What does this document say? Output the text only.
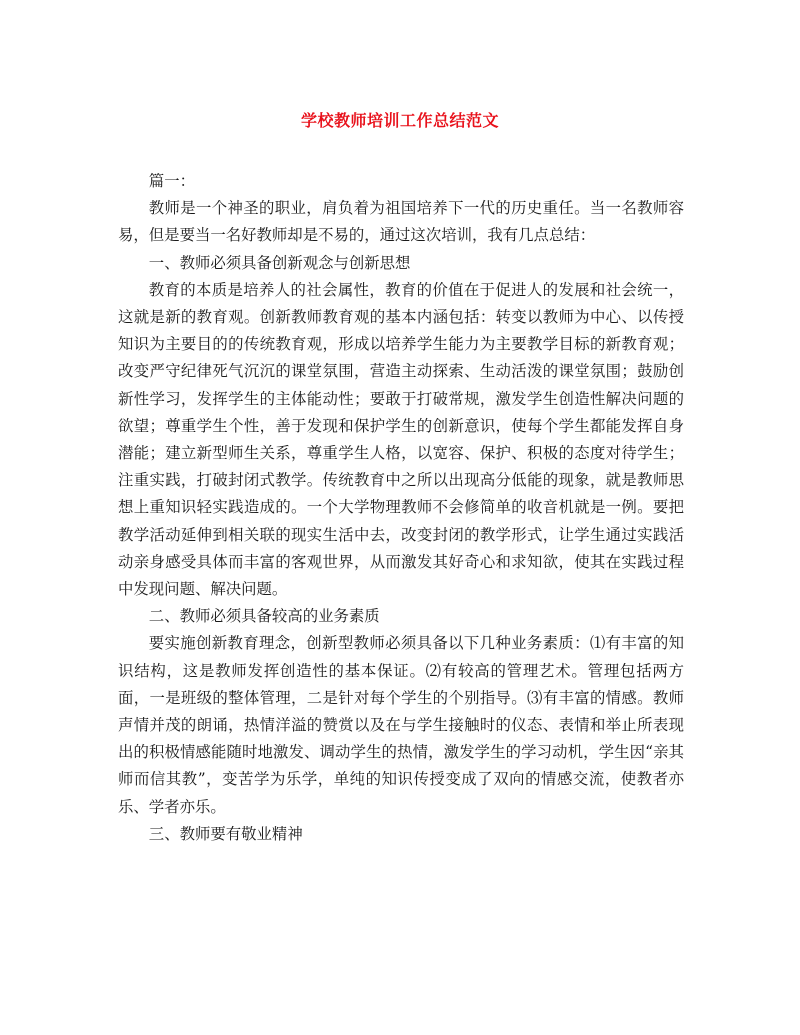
学校教师培训工作总结范文

篇一：

教师是一个神圣的职业，肩负着为祖国培养下一代的历史重任。当一名教师容易，但是要当一名好教师却是不易的，通过这次培训，我有几点总结：

一、教师必须具备创新观念与创新思想

教育的本质是培养人的社会属性，教育的价值在于促进人的发展和社会统一，这就是新的教育观。创新教师教育观的基本内涵包括：转变以教师为中心、以传授知识为主要目的的传统教育观，形成以培养学生能力为主要教学目标的新教育观；改变严守纪律死气沉沉的课堂氛围，营造主动探索、生动活泼的课堂氛围；鼓励创新性学习，发挥学生的主体能动性；要敢于打破常规，激发学生创造性解决问题的欲望；尊重学生个性，善于发现和保护学生的创新意识，使每个学生都能发挥自身潜能；建立新型师生关系，尊重学生人格，以宽容、保护、积极的态度对待学生；注重实践，打破封闭式教学。传统教育中之所以出现高分低能的现象，就是教师思想上重知识轻实践造成的。一个大学物理教师不会修简单的收音机就是一例。要把教学活动延伸到相关联的现实生活中去，改变封闭的教学形式，让学生通过实践活动亲身感受具体而丰富的客观世界，从而激发其好奇心和求知欲，使其在实践过程中发现问题、解决问题。

二、教师必须具备较高的业务素质

要实施创新教育理念，创新型教师必须具备以下几种业务素质：⑴有丰富的知识结构，这是教师发挥创造性的基本保证。⑵有较高的管理艺术。管理包括两方面，一是班级的整体管理，二是针对每个学生的个别指导。⑶有丰富的情感。教师声情并茂的朗诵，热情洋溢的赞赏以及在与学生接触时的仪态、表情和举止所表现出的积极情感能随时地激发、调动学生的热情，激发学生的学习动机，学生因“亲其师而信其教”，变苦学为乐学，单纯的知识传授变成了双向的情感交流，使教者亦乐、学者亦乐。

三、教师要有敬业精神
